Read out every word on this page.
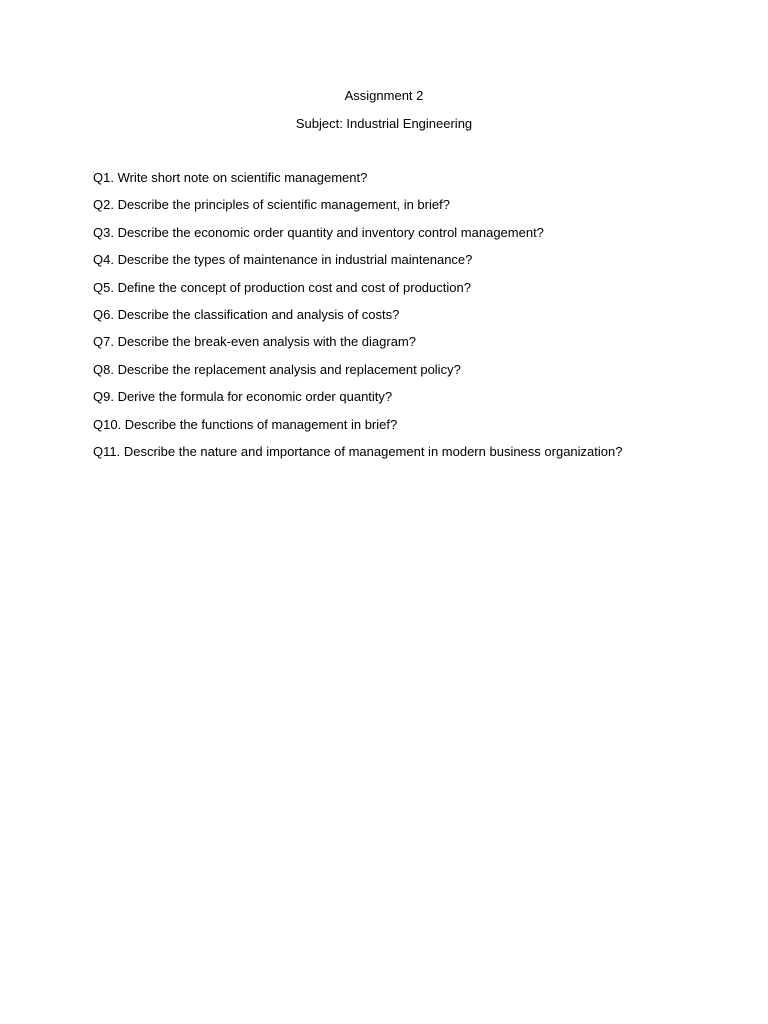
Assignment 2
Subject: Industrial Engineering
Q1. Write short note on scientific management?
Q2. Describe the principles of scientific management, in brief?
Q3. Describe the economic order quantity and inventory control management?
Q4. Describe the types of maintenance in industrial maintenance?
Q5. Define the concept of production cost and cost of production?
Q6. Describe the classification and analysis of costs?
Q7. Describe the break-even analysis with the diagram?
Q8. Describe the replacement analysis and replacement policy?
Q9. Derive the formula for economic order quantity?
Q10. Describe the functions of management in brief?
Q11. Describe the nature and importance of management in modern business organization?
